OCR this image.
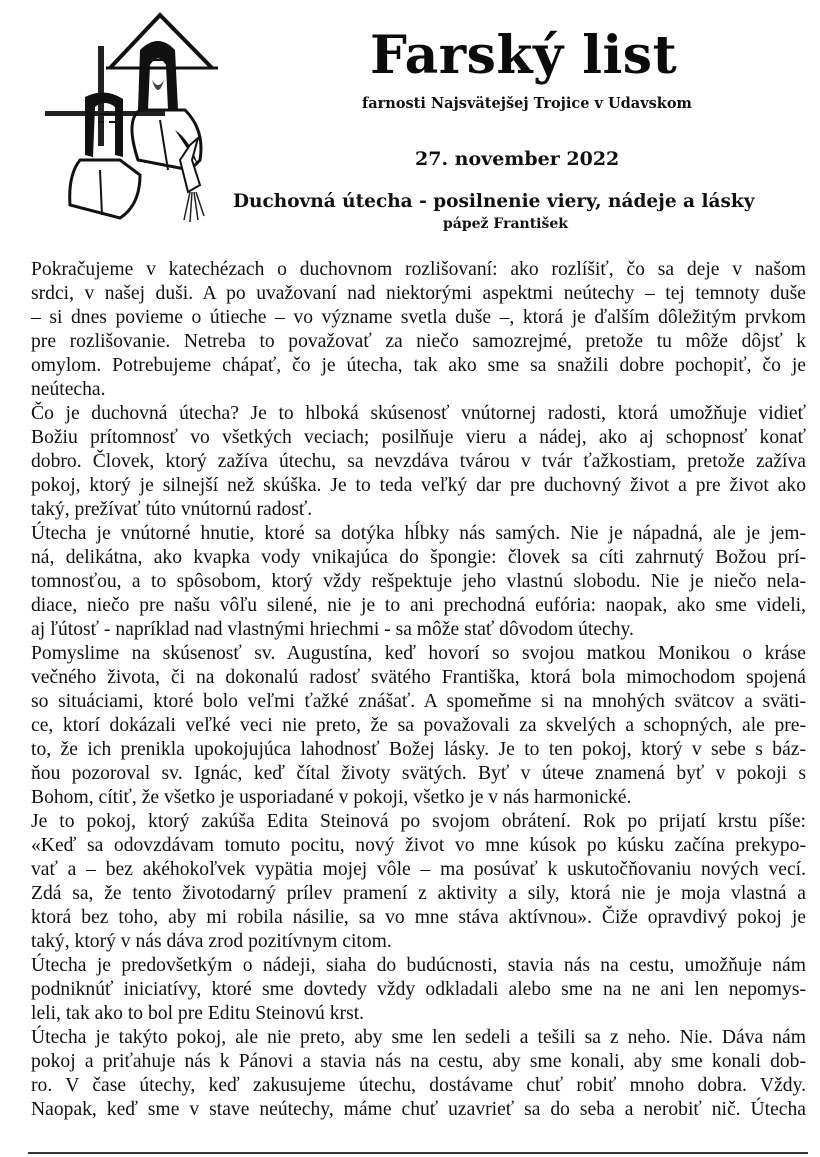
Farský list
farnosti Najsvätejšej Trojice v Udavskom
27. november 2022
Duchovná útecha - posilnenie viery, nádeje a lásky
pápež František
Pokračujeme v katechézach o duchovnom rozlišovaní: ako rozlíšiť, čo sa deje v našom
srdci, v našej duši. A po uvažovaní nad niektorými aspektmi neútechy – tej temnoty duše
– si dnes povieme o útieche – vo význame svetla duše –, ktorá je ďalším dôležitým prvkom
pre rozlišovanie. Netreba to považovať za niečo samozrejmé, pretože tu môže dôjsť k
omylom. Potrebujeme chápať, čo je útecha, tak ako sme sa snažili dobre pochopiť, čo je
neútecha.
Čo je duchovná útecha? Je to hlboká skúsenosť vnútornej radosti, ktorá umožňuje vidieť
Božiu prítomnosť vo všetkých veciach; posilňuje vieru a nádej, ako aj schopnosť konať
dobro. Človek, ktorý zažíva útechu, sa nevzdáva tvárou v tvár ťažkostiam, pretože zažíva
pokoj, ktorý je silnejší než skúška. Je to teda veľký dar pre duchovný život a pre život ako
taký, prežívať túto vnútornú radosť.
Útecha je vnútorné hnutie, ktoré sa dotýka hĺbky nás samých. Nie je nápadná, ale je jem-
ná, delikátna, ako kvapka vody vnikajúca do špongie: človek sa cíti zahrnutý Božou prí-
tomnosťou, a to spôsobom, ktorý vždy rešpektuje jeho vlastnú slobodu. Nie je niečo nela-
diace, niečo pre našu vôľu silené, nie je to ani prechodná eufória: naopak, ako sme videli,
aj ľútosť - napríklad nad vlastnými hriechmi - sa môže stať dôvodom útechy.
Pomyslime na skúsenosť sv. Augustína, keď hovorí so svojou matkou Monikou o kráse
večného života, či na dokonalú radosť svätého Františka, ktorá bola mimochodom spojená
so situáciami, ktoré bolo veľmi ťažké znášať. A spomeňme si na mnohých svätcov a sväti-
ce, ktorí dokázali veľké veci nie preto, že sa považovali za skvelých a schopných, ale pre-
to, že ich prenikla upokojujúca lahodnosť Božej lásky. Je to ten pokoj, ktorý v sebe s báz-
ňou pozoroval sv. Ignác, keď čítal životy svätých. Byť v útече znamená byť v pokoji s
Bohom, cítiť, že všetko je usporiadané v pokoji, všetko je v nás harmonické.
Je to pokoj, ktorý zakúša Edita Steinová po svojom obrátení. Rok po prijatí krstu píše:
«Keď sa odovzdávam tomuto pocitu, nový život vo mne kúsok po kúsku začína prekypo-
vať a – bez akéhokoľvek vypätia mojej vôle – ma posúvať k uskutočňovaniu nových vecí.
Zdá sa, že tento životodarný prílev pramení z aktivity a sily, ktorá nie je moja vlastná a
ktorá bez toho, aby mi robila násilie, sa vo mne stáva aktívnou». Čiže opravdivý pokoj je
taký, ktorý v nás dáva zrod pozitívnym citom.
Útecha je predovšetkým o nádeji, siaha do budúcnosti, stavia nás na cestu, umožňuje nám
podniknúť iniciatívy, ktoré sme dovtedy vždy odkladali alebo sme na ne ani len nepomys-
leli, tak ako to bol pre Editu Steinovú krst.
Útecha je takýto pokoj, ale nie preto, aby sme len sedeli a tešili sa z neho. Nie. Dáva nám
pokoj a priťahuje nás k Pánovi a stavia nás na cestu, aby sme konali, aby sme konali dob-
ro. V čase útechy, keď zakusujeme útechu, dostávame chuť robiť mnoho dobra. Vždy.
Naopak, keď sme v stave neútechy, máme chuť uzavrieť sa do seba a nerobiť nič. Útecha
